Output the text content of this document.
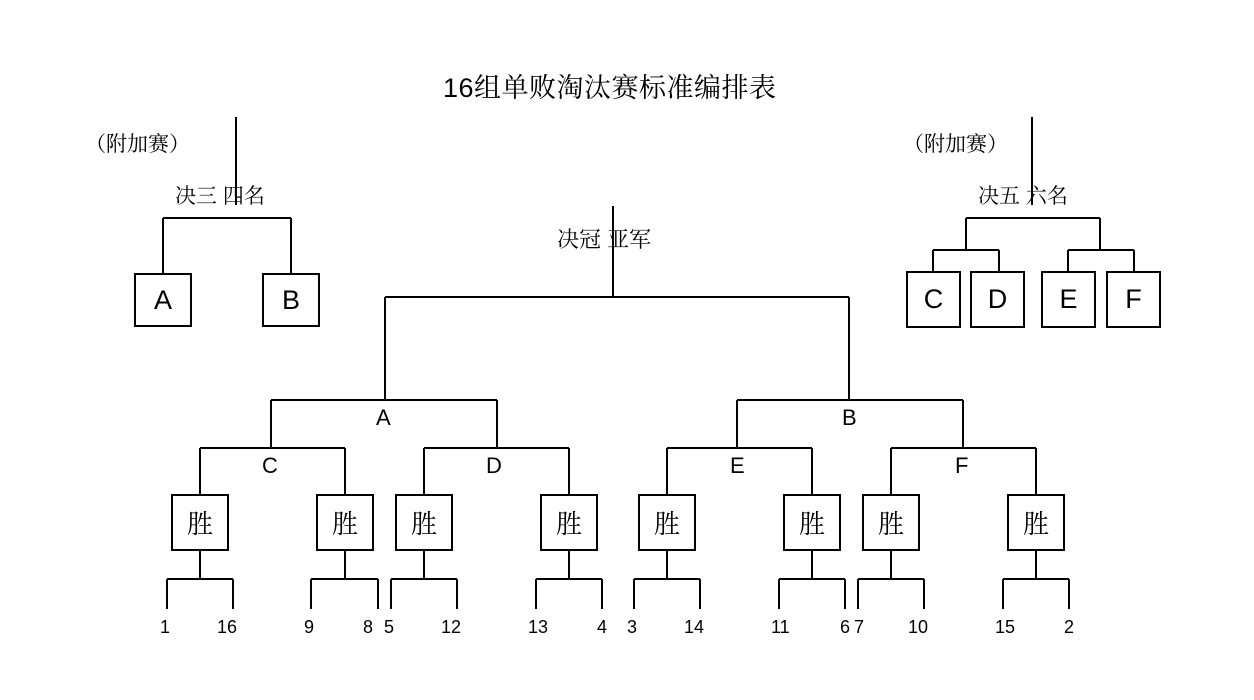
16组单败淘汰赛标准编排表
（附加赛）
决三 四名
（附加赛）
决五 六名
决冠 亚军
A	B	C	D	E	F
A	B
C	D	E	F
胜	胜	胜	胜	胜	胜	胜	胜
1	16	9	8 5	12	13	4 3	14	11	6 7 10	15	2
